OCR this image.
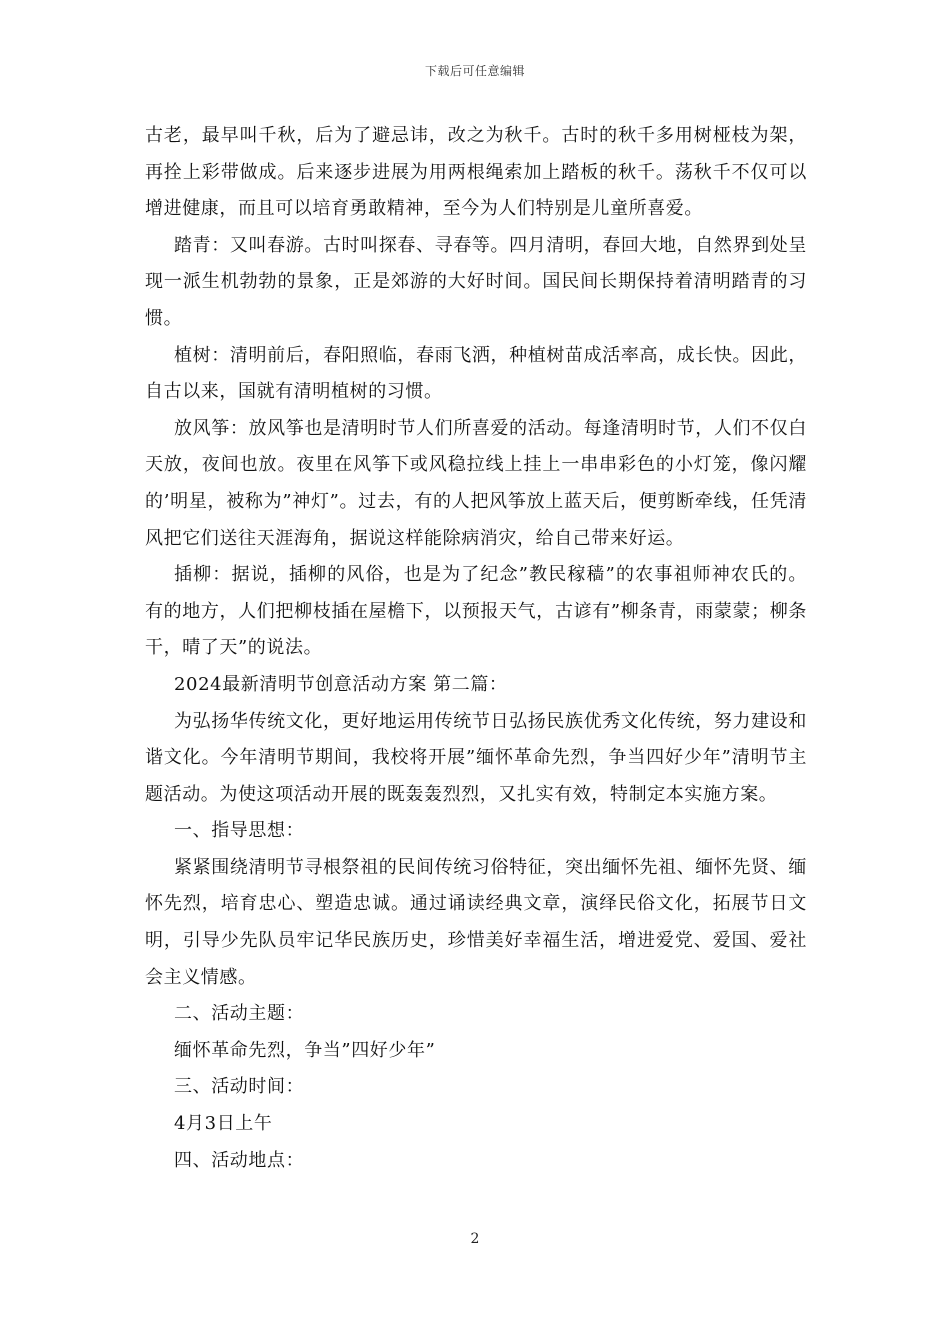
下载后可任意编辑

古老，最早叫千秋，后为了避忌讳，改之为秋千。古时的秋千多用树桠枝为架，再拴上彩带做成。后来逐步进展为用两根绳索加上踏板的秋千。荡秋千不仅可以增进健康，而且可以培育勇敢精神，至今为人们特别是儿童所喜爱。

踏青：又叫春游。古时叫探春、寻春等。四月清明，春回大地，自然界到处呈现一派生机勃勃的景象，正是郊游的大好时间。国民间长期保持着清明踏青的习惯。

植树：清明前后，春阳照临，春雨飞洒，种植树苗成活率高，成长快。因此，自古以来，国就有清明植树的习惯。

放风筝：放风筝也是清明时节人们所喜爱的活动。每逢清明时节，人们不仅白天放，夜间也放。夜里在风筝下或风稳拉线上挂上一串串彩色的小灯笼，像闪耀的’明星，被称为”神灯”。过去，有的人把风筝放上蓝天后，便剪断牵线，任凭清风把它们送往天涯海角，据说这样能除病消灾，给自己带来好运。

插柳：据说，插柳的风俗，也是为了纪念”教民稼穑”的农事祖师神农氏的。有的地方，人们把柳枝插在屋檐下，以预报天气，古谚有”柳条青，雨蒙蒙；柳条干，晴了天”的说法。

2024最新清明节创意活动方案 第二篇：

为弘扬华传统文化，更好地运用传统节日弘扬民族优秀文化传统，努力建设和谐文化。今年清明节期间，我校将开展”缅怀革命先烈，争当四好少年”清明节主题活动。为使这项活动开展的既轰轰烈烈，又扎实有效，特制定本实施方案。

一、指导思想：

紧紧围绕清明节寻根祭祖的民间传统习俗特征，突出缅怀先祖、缅怀先贤、缅怀先烈，培育忠心、塑造忠诚。通过诵读经典文章，演绎民俗文化，拓展节日文明，引导少先队员牢记华民族历史，珍惜美好幸福生活，增进爱党、爱国、爱社会主义情感。

二、活动主题：

缅怀革命先烈，争当”四好少年”

三、活动时间：

4月3日上午

四、活动地点：

2
